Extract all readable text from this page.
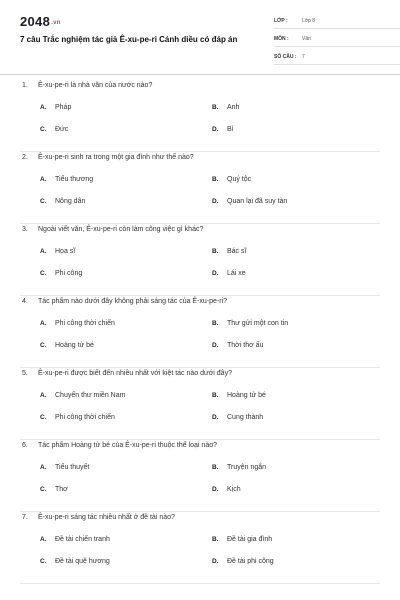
2048.vn
7 câu Trắc nghiệm tác giả Ê-xu-pe-ri Cánh diều có đáp án
LỚP :	Lớp 8
MÔN :	Văn
SỐ CÂU :	7
1. Ê-xu-pe-ri là nhà văn của nước nào?
A. Pháp	B. Anh
C. Đức	D. Bỉ
2. Ê-xu-pe-ri sinh ra trong một gia đình như thế nào?
A. Tiểu thương	B. Quý tộc
C. Nông dân	D. Quan lại đã suy tàn
3. Ngoài viết văn, Ê-xu-pe-ri còn làm công việc gì khác?
A. Họa sĩ	B. Bác sĩ
C. Phi công	D. Lái xe
4. Tác phẩm nào dưới đây không phải sáng tác của Ê-xu-pe-ri?
A. Phi công thời chiến	B. Thư gửi một con tin
C. Hoàng tử bé	D. Thời thơ ấu
5. Ê-xu-pe-ri được biết đến nhiều nhất với kiệt tác nào dưới đây?
A. Chuyến thư miền Nam	B. Hoàng tử bé
C. Phi công thời chiến	D. Cung thành
6. Tác phẩm Hoàng tử bé của Ê-xu-pe-ri thuộc thể loại nào?
A. Tiểu thuyết	B. Truyện ngắn
C. Thơ	D. Kịch
7. Ê-xu-pe-ri sáng tác nhiều nhất ở đề tài nào?
A. Đề tài chiến tranh	B. Đề tài gia đình
C. Đề tài quê hương	D. Đề tài phi công
